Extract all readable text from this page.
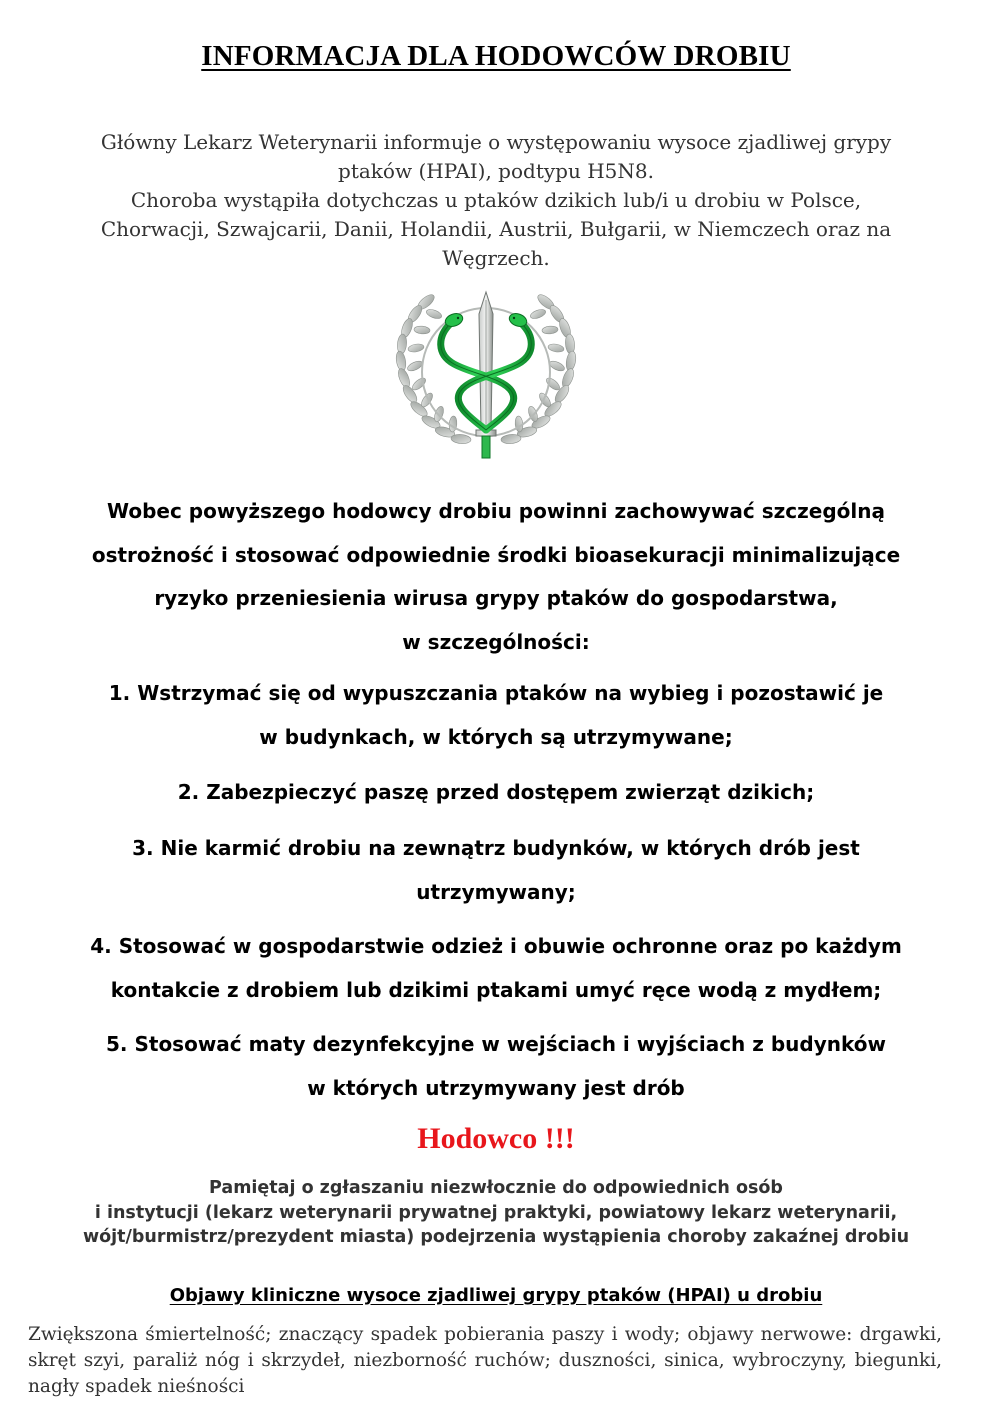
INFORMACJA DLA HODOWCÓW DROBIU

Główny Lekarz Weterynarii informuje o występowaniu wysoce zjadliwej grypy

ptaków (HPAI), podtypu H5N8.

Choroba wystąpiła dotychczas u ptaków dzikich lub/i u drobiu w Polsce,

Chorwacji, Szwajcarii, Danii, Holandii, Austrii, Bułgarii, w Niemczech oraz na

Węgrzech.

Wobec powyższego hodowcy drobiu powinni zachowywać szczególną

ostrożność i stosować odpowiednie środki bioasekuracji minimalizujące

ryzyko przeniesienia wirusa grypy ptaków do gospodarstwa,

w szczególności:

1. Wstrzymać się od wypuszczania ptaków na wybieg i pozostawić je

w budynkach, w których są utrzymywane;

2. Zabezpieczyć paszę przed dostępem zwierząt dzikich;

3. Nie karmić drobiu na zewnątrz budynków, w których drób jest

utrzymywany;

4. Stosować w gospodarstwie odzież i obuwie ochronne oraz po każdym

kontakcie z drobiem lub dzikimi ptakami umyć ręce wodą z mydłem;

5. Stosować maty dezynfekcyjne w wejściach i wyjściach z budynków

w których utrzymywany jest drób

Hodowco !!!

Pamiętaj o zgłaszaniu niezwłocznie do odpowiednich osób

i instytucji (lekarz weterynarii prywatnej praktyki, powiatowy lekarz weterynarii,

wójt/burmistrz/prezydent miasta) podejrzenia wystąpienia choroby zakaźnej drobiu

Objawy kliniczne wysoce zjadliwej grypy ptaków (HPAI) u drobiu

Zwiększona śmiertelność; znaczący spadek pobierania paszy i wody; objawy nerwowe: drgawki, skręt szyi, paraliż nóg i skrzydeł, niezborność ruchów; duszności, sinica, wybroczyny, biegunki, nagły spadek nieśności
